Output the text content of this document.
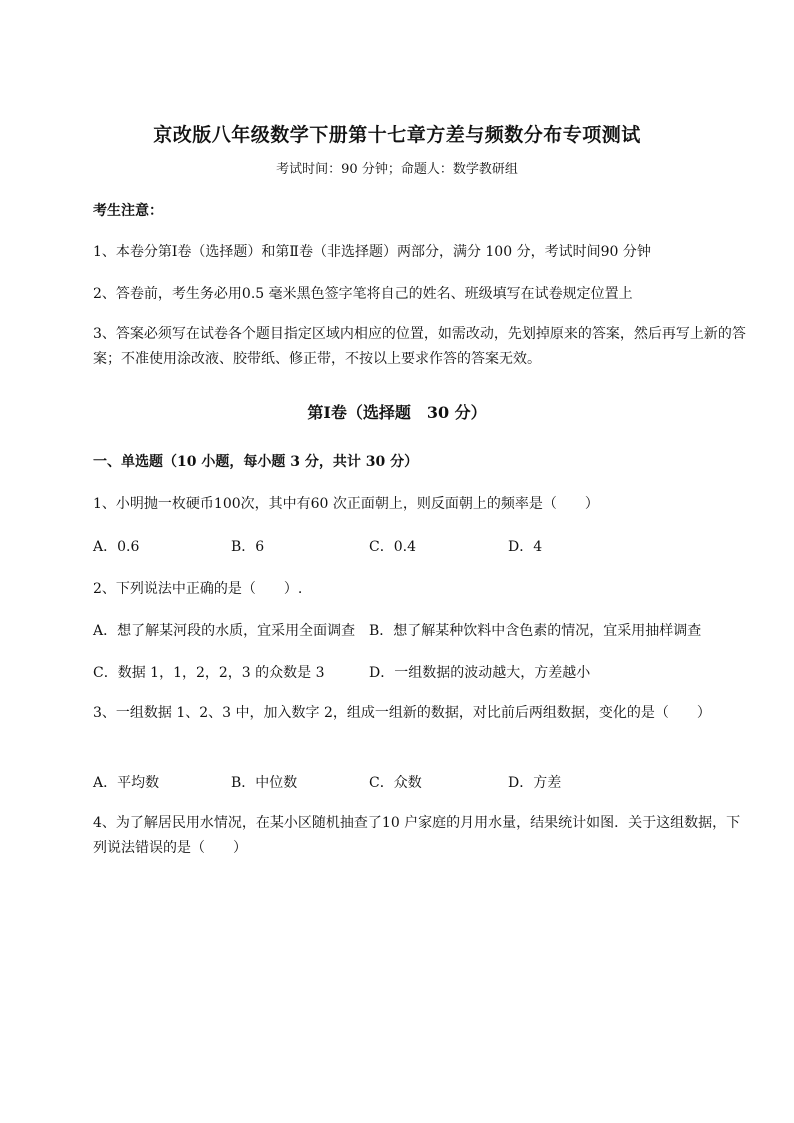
京改版八年级数学下册第十七章方差与频数分布专项测试
考试时间：90 分钟；命题人：数学教研组
考生注意：
1、本卷分第Ⅰ卷（选择题）和第Ⅱ卷（非选择题）两部分，满分 100 分，考试时间90 分钟
2、答卷前，考生务必用0.5 毫米黑色签字笔将自己的姓名、班级填写在试卷规定位置上
3、答案必须写在试卷各个题目指定区域内相应的位置，如需改动，先划掉原来的答案，然后再写上新的答案；不准使用涂改液、胶带纸、修正带，不按以上要求作答的答案无效。
第Ⅰ卷（选择题　30 分）
一、单选题（10 小题，每小题 3 分，共计 30 分）
1、小明抛一枚硬币100次，其中有60 次正面朝上，则反面朝上的频率是（　　）
A．0.6	B．6	C．0.4	D．4
2、下列说法中正确的是（　　）.
A．想了解某河段的水质，宜采用全面调查 B．想了解某种饮料中含色素的情况，宜采用抽样调查
C．数据 1，1，2，2，3 的众数是 3	D．一组数据的波动越大，方差越小
3、一组数据 1、2、3 中，加入数字 2，组成一组新的数据，对比前后两组数据，变化的是（　　）
A．平均数	B．中位数	C．众数	D．方差
4、为了解居民用水情况，在某小区随机抽查了10 户家庭的月用水量，结果统计如图．关于这组数据，下列说法错误的是（　　）
